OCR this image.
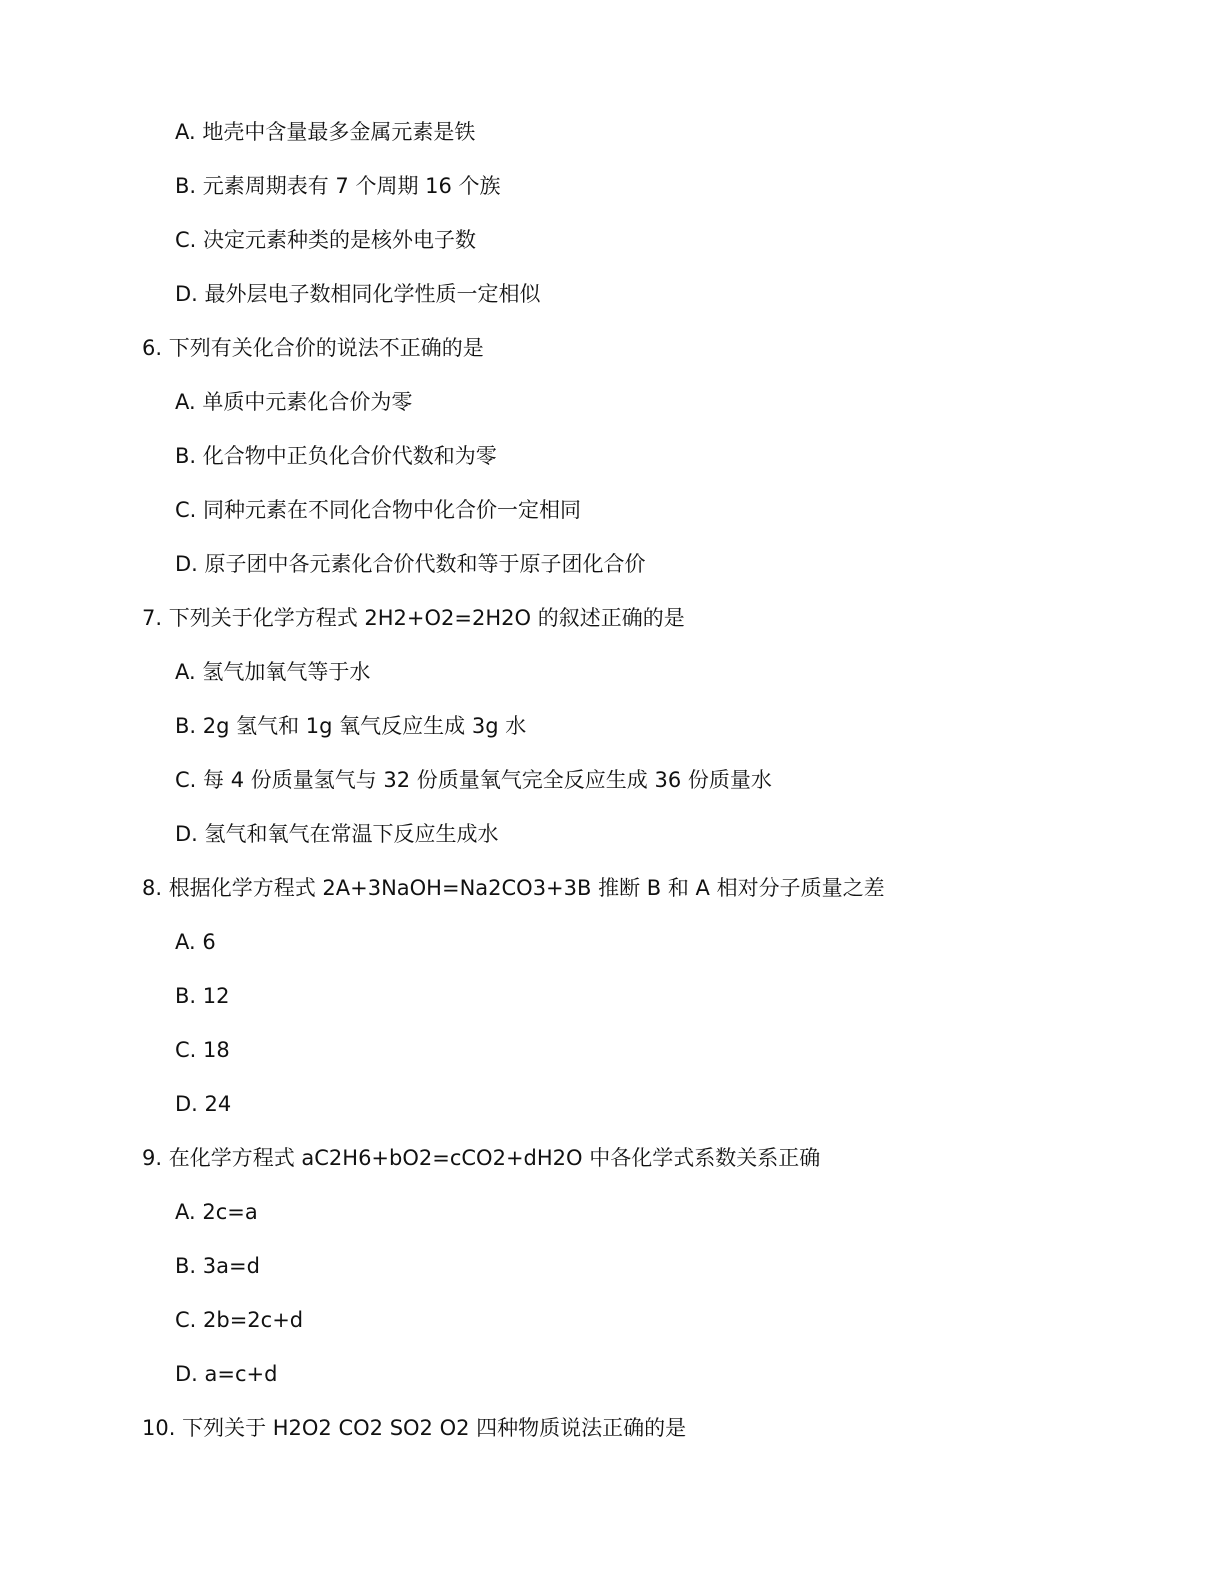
A. 地壳中含量最多金属元素是铁
B. 元素周期表有 7 个周期 16 个族
C. 决定元素种类的是核外电子数
D. 最外层电子数相同化学性质一定相似
6. 下列有关化合价的说法不正确的是
A. 单质中元素化合价为零
B. 化合物中正负化合价代数和为零
C. 同种元素在不同化合物中化合价一定相同
D. 原子团中各元素化合价代数和等于原子团化合价
7. 下列关于化学方程式 2H2+O2=2H2O 的叙述正确的是
A. 氢气加氧气等于水
B. 2g 氢气和 1g 氧气反应生成 3g 水
C. 每 4 份质量氢气与 32 份质量氧气完全反应生成 36 份质量水
D. 氢气和氧气在常温下反应生成水
8. 根据化学方程式 2A+3NaOH=Na2CO3+3B 推断 B 和 A 相对分子质量之差
A. 6
B. 12
C. 18
D. 24
9. 在化学方程式 aC2H6+bO2=cCO2+dH2O 中各化学式系数关系正确
A. 2c=a
B. 3a=d
C. 2b=2c+d
D. a=c+d
10. 下列关于 H2O2 CO2 SO2 O2 四种物质说法正确的是
